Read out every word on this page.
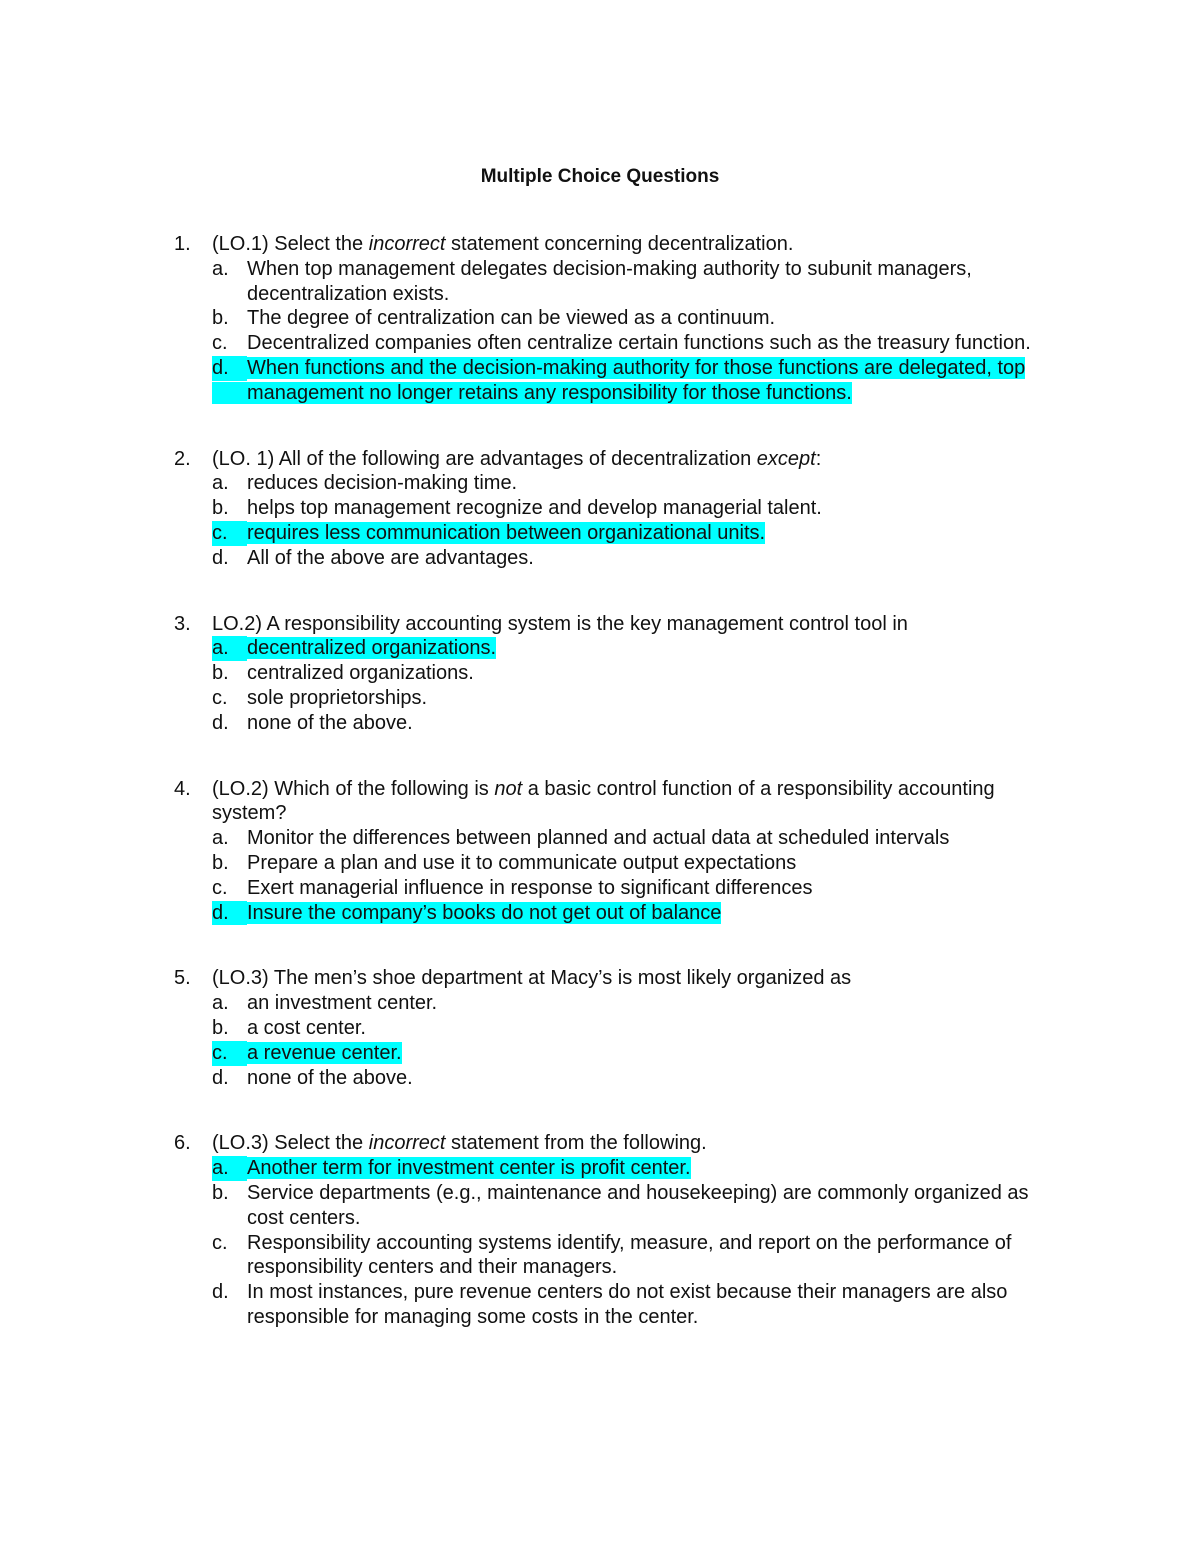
Multiple Choice Questions
1. (LO.1) Select the incorrect statement concerning decentralization.
a. When top management delegates decision-making authority to subunit managers, decentralization exists.
b. The degree of centralization can be viewed as a continuum.
c. Decentralized companies often centralize certain functions such as the treasury function.
d. When functions and the decision-making authority for those functions are delegated, top management no longer retains any responsibility for those functions.
2. (LO. 1) All of the following are advantages of decentralization except:
a. reduces decision-making time.
b. helps top management recognize and develop managerial talent.
c. requires less communication between organizational units.
d. All of the above are advantages.
3. LO.2) A responsibility accounting system is the key management control tool in
a. decentralized organizations.
b. centralized organizations.
c. sole proprietorships.
d. none of the above.
4. (LO.2) Which of the following is not a basic control function of a responsibility accounting system?
a. Monitor the differences between planned and actual data at scheduled intervals
b. Prepare a plan and use it to communicate output expectations
c. Exert managerial influence in response to significant differences
d. Insure the company’s books do not get out of balance
5. (LO.3) The men’s shoe department at Macy’s is most likely organized as
a. an investment center.
b. a cost center.
c. a revenue center.
d. none of the above.
6. (LO.3) Select the incorrect statement from the following.
a. Another term for investment center is profit center.
b. Service departments (e.g., maintenance and housekeeping) are commonly organized as cost centers.
c. Responsibility accounting systems identify, measure, and report on the performance of responsibility centers and their managers.
d. In most instances, pure revenue centers do not exist because their managers are also responsible for managing some costs in the center.
